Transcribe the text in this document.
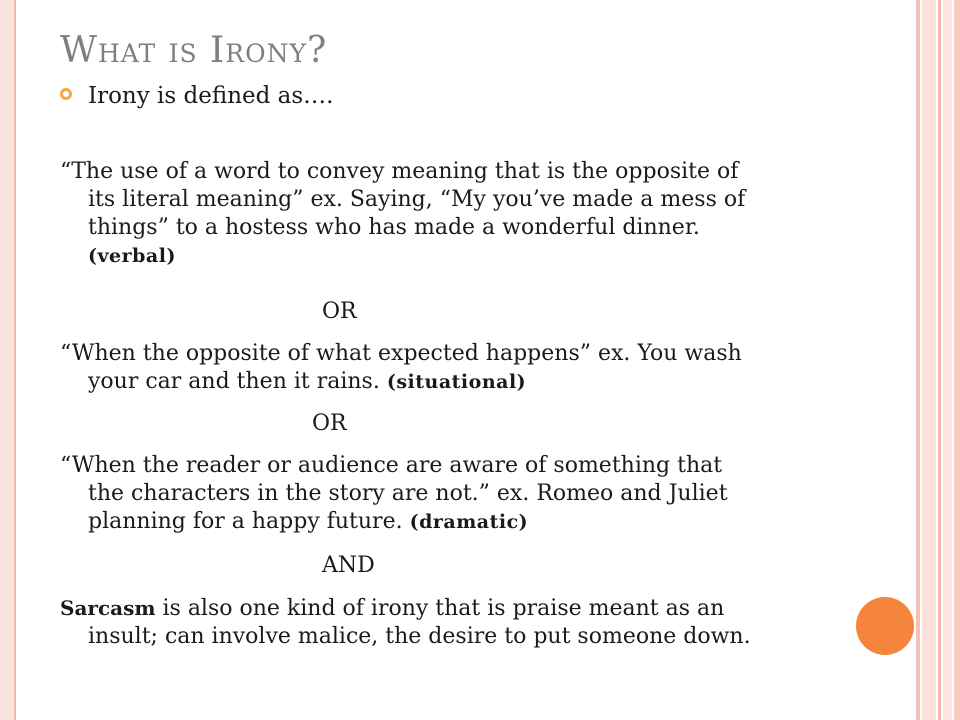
What is Irony?
Irony is defined as….
“The use of a word to convey meaning that is the opposite of
its literal meaning” ex. Saying, “My you’ve made a mess of
things” to a hostess who has made a wonderful dinner.
(verbal)
OR
“When the opposite of what expected happens” ex. You wash
your car and then it rains. (situational)
OR
“When the reader or audience are aware of something that
the characters in the story are not.” ex. Romeo and Juliet
planning for a happy future. (dramatic)
AND
Sarcasm is also one kind of irony that is praise meant as an
insult; can involve malice, the desire to put someone down.
